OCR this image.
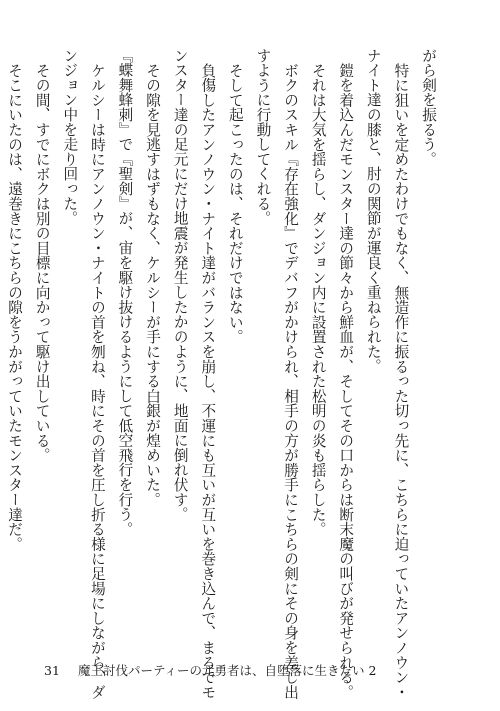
がら剣を振るう。
特に狙いを定めたわけでもなく、無造作に振るった切っ先に、こちらに迫っていたアンノウン・
ナイト達の膝と、肘の関節が運良く重ねられた。
鎧を着込んだモンスター達の節々から鮮血が、そしてその口からは断末魔の叫びが発せられる。
それは大気を揺らし、ダンジョン内に設置された松明の炎も揺らした。
ボクのスキル『存在強化』でデバフがかけられ、相手の方が勝手にこちらの剣にその身を差し出
すように行動してくれる。
そして起こったのは、それだけではない。
負傷したアンノウン・ナイト達がバランスを崩し、不運にも互いが互いを巻き込んで、まるでモ
ンスター達の足元にだけ地震が発生したかのように、地面に倒れ伏す。
その隙を見逃すはずもなく、ケルシーが手にする白銀が煌めいた。
『蝶舞蜂刺』で『聖剣』が、宙を駆け抜けるようにして低空飛行を行う。
ケルシーは時にアンノウン・ナイトの首を刎ね、時にその首を圧し折る様に足場にしながら、ダ
ンジョン中を走り回った。
その間、すでにボクは別の目標に向かって駆け出している。
そこにいたのは、遠巻きにこちらの隙をうかがっていたモンスター達だ。
31 魔王討伐パーティーの元勇者は、自堕落に生きたい 2
